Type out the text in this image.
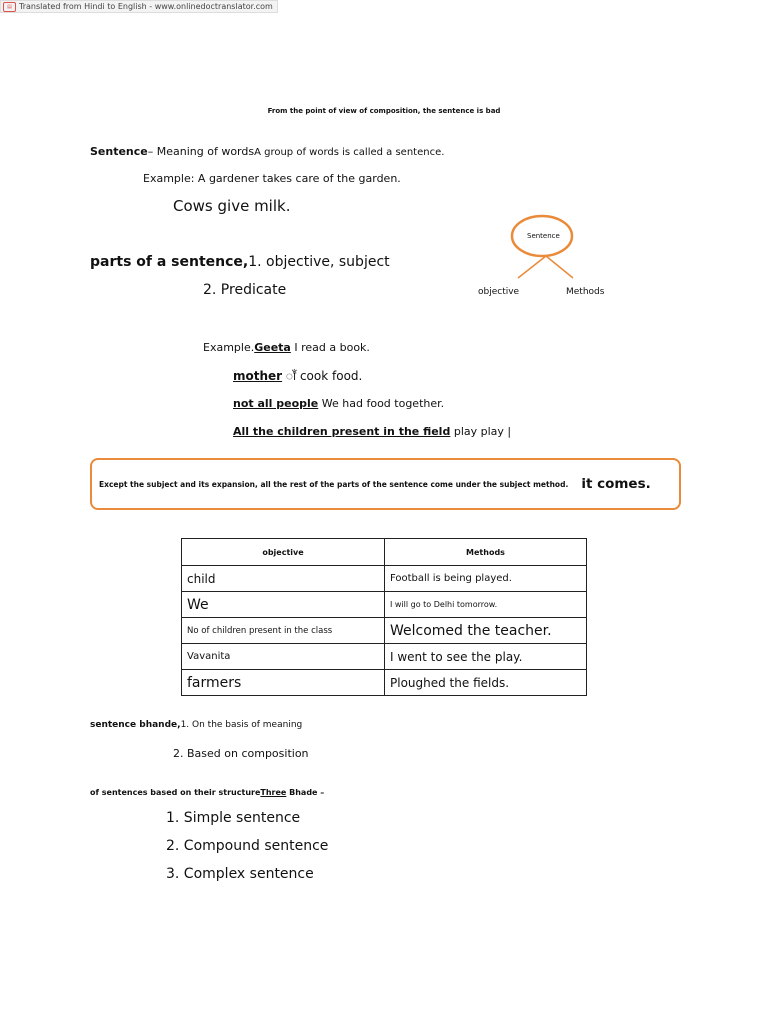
▤ Translated from Hindi to English - www.onlinedoctranslator.com
From the point of view of composition, the sentence is bad
Sentence– Meaning of wordsA group of words is called a sentence.
Example: A gardener takes care of the garden.
Cows give milk.
parts of a sentence,1. objective, subject
2. Predicate
Sentence
objective	Methods
Example.Geeta I read a book.
mother ाँ cook food.
not all people We had food together.
All the children present in the field play play |
Except the subject and its expansion, all the rest of the parts of the sentence come under the subject method. it comes.
objective	Methods
child	Football is being played.
We	I will go to Delhi tomorrow.
No of children present in the class	Welcomed the teacher.
Vavanita	I went to see the play.
farmers	Ploughed the fields.
sentence bhande,1. On the basis of meaning
2. Based on composition
of sentences based on their structureThree Bhade –
1. Simple sentence
2. Compound sentence
3. Complex sentence
